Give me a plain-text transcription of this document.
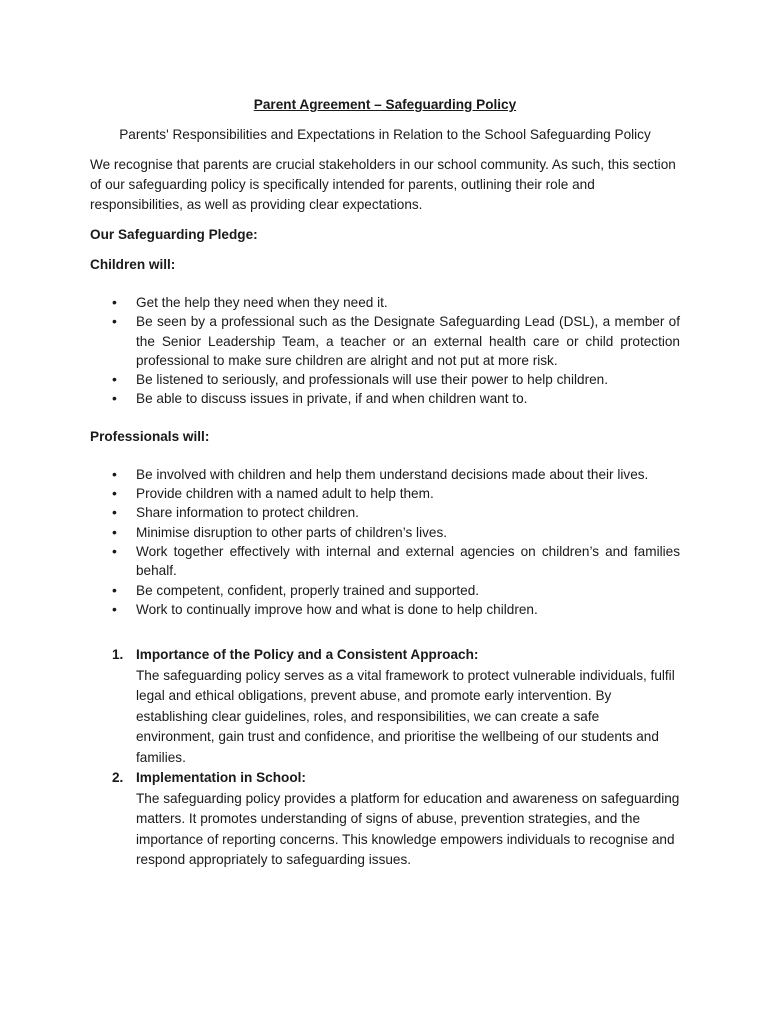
Parent Agreement – Safeguarding Policy
Parents' Responsibilities and Expectations in Relation to the School Safeguarding Policy

We recognise that parents are crucial stakeholders in our school community. As such, this section of our safeguarding policy is specifically intended for parents, outlining their role and responsibilities, as well as providing clear expectations.

Our Safeguarding Pledge:
Children will:
• Get the help they need when they need it.
• Be seen by a professional such as the Designate Safeguarding Lead (DSL), a member of the Senior Leadership Team, a teacher or an external health care or child protection professional to make sure children are alright and not put at more risk.
• Be listened to seriously, and professionals will use their power to help children.
• Be able to discuss issues in private, if and when children want to.
Professionals will:
• Be involved with children and help them understand decisions made about their lives.
• Provide children with a named adult to help them.
• Share information to protect children.
• Minimise disruption to other parts of children’s lives.
• Work together effectively with internal and external agencies on children’s and families behalf.
• Be competent, confident, properly trained and supported.
• Work to continually improve how and what is done to help children.
1. Importance of the Policy and a Consistent Approach:
The safeguarding policy serves as a vital framework to protect vulnerable individuals, fulfil legal and ethical obligations, prevent abuse, and promote early intervention. By establishing clear guidelines, roles, and responsibilities, we can create a safe environment, gain trust and confidence, and prioritise the wellbeing of our students and families.
2. Implementation in School:
The safeguarding policy provides a platform for education and awareness on safeguarding matters. It promotes understanding of signs of abuse, prevention strategies, and the importance of reporting concerns. This knowledge empowers individuals to recognise and respond appropriately to safeguarding issues.
